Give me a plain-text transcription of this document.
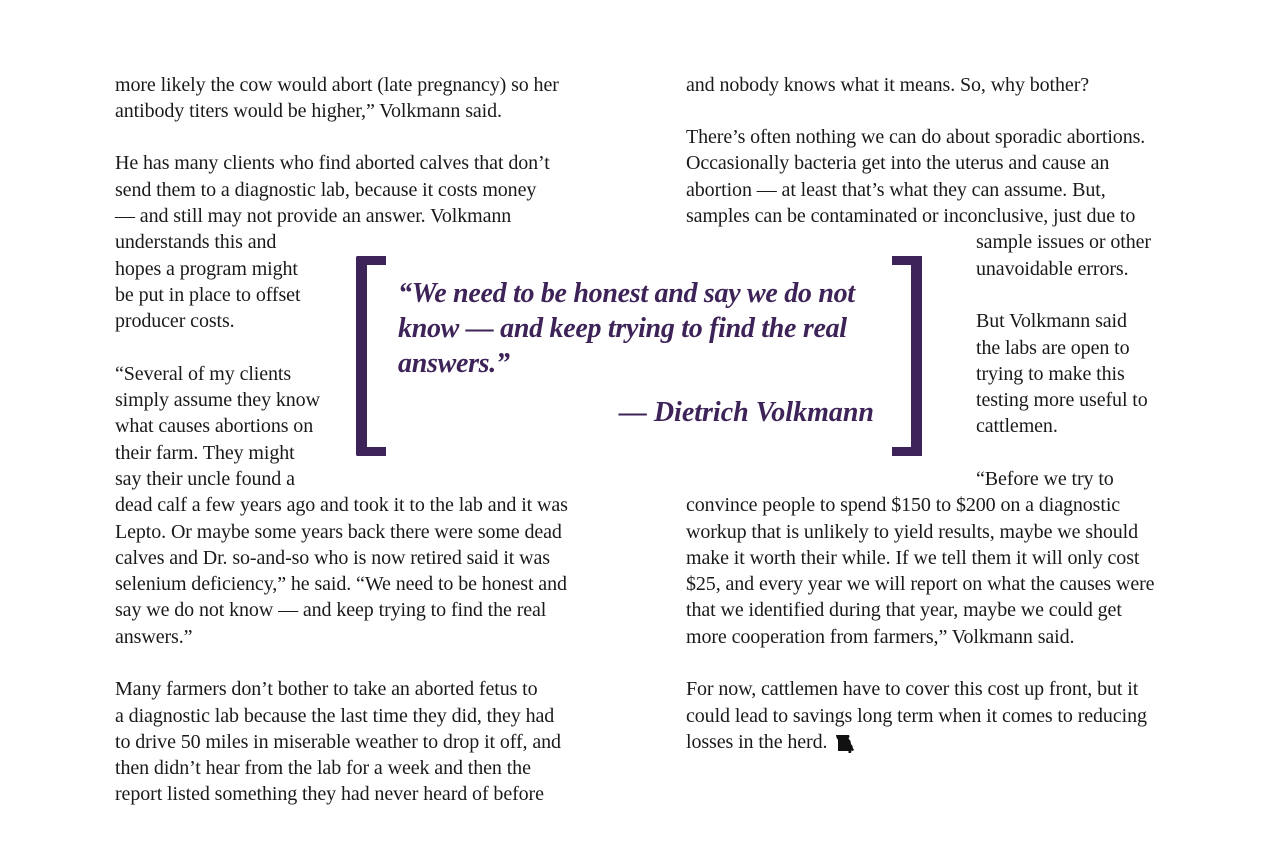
more likely the cow would abort (late pregnancy) so her
antibody titers would be higher,” Volkmann said.
He has many clients who find aborted calves that don’t
send them to a diagnostic lab, because it costs money
— and still may not provide an answer. Volkmann
understands this and
hopes a program might
be put in place to offset
producer costs.
“Several of my clients
simply assume they know
what causes abortions on
their farm. They might
say their uncle found a
dead calf a few years ago and took it to the lab and it was
Lepto. Or maybe some years back there were some dead
calves and Dr. so-and-so who is now retired said it was
selenium deficiency,” he said. “We need to be honest and
say we do not know — and keep trying to find the real
answers.”
Many farmers don’t bother to take an aborted fetus to
a diagnostic lab because the last time they did, they had
to drive 50 miles in miserable weather to drop it off, and
then didn’t hear from the lab for a week and then the
report listed something they had never heard of before
and nobody knows what it means. So, why bother?
There’s often nothing we can do about sporadic abortions.
Occasionally bacteria get into the uterus and cause an
abortion — at least that’s what they can assume. But,
samples can be contaminated or inconclusive, just due to
sample issues or other
unavoidable errors.
But Volkmann said
the labs are open to
trying to make this
testing more useful to
cattlemen.
“Before we try to
convince people to spend $150 to $200 on a diagnostic
workup that is unlikely to yield results, maybe we should
make it worth their while. If we tell them it will only cost
$25, and every year we will report on what the causes were
that we identified during that year, maybe we could get
more cooperation from farmers,” Volkmann said.
For now, cattlemen have to cover this cost up front, but it
could lead to savings long term when it comes to reducing
losses in the herd.
“We need to be honest and say we do not
know — and keep trying to find the real
answers.”
— Dietrich Volkmann
